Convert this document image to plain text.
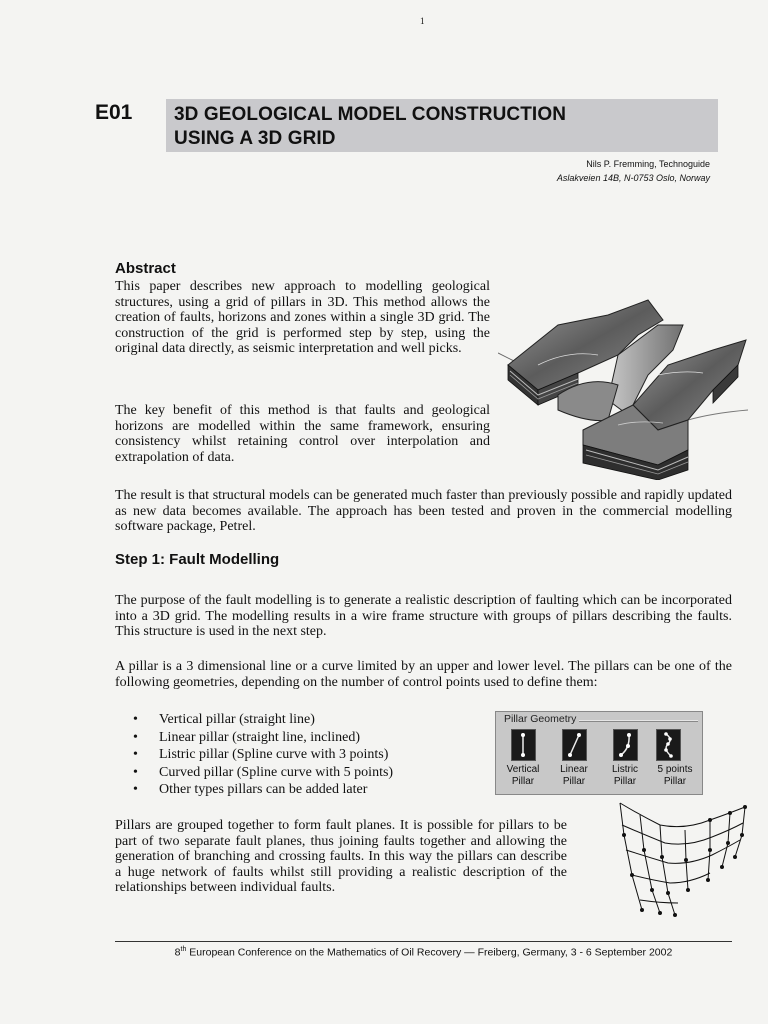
1
E01 3D GEOLOGICAL MODEL CONSTRUCTION
USING A 3D GRID
Nils P. Fremming, Technoguide
Aslakveien 14B, N-0753 Oslo, Norway
Abstract
This paper describes new approach to modelling geological structures, using a grid of pillars in 3D. This method allows the creation of faults, horizons and zones within a single 3D grid. The construction of the grid is performed step by step, using the original data directly, as seismic interpretation and well picks.
The key benefit of this method is that faults and geological horizons are modelled within the same framework, ensuring consistency whilst retaining control over interpolation and extrapolation of data.
The result is that structural models can be generated much faster than previously possible and rapidly updated as new data becomes available. The approach has been tested and proven in the commercial modelling software package, Petrel.
Step 1: Fault Modelling
The purpose of the fault modelling is to generate a realistic description of faulting which can be incorporated into a 3D grid. The modelling results in a wire frame structure with groups of pillars describing the faults. This structure is used in the next step.
A pillar is a 3 dimensional line or a curve limited by an upper and lower level. The pillars can be one of the following geometries, depending on the number of control points used to define them:
• Vertical pillar (straight line)
• Linear pillar (straight line, inclined)
• Listric pillar (Spline curve with 3 points)
• Curved pillar (Spline curve with 5 points)
• Other types pillars can be added later
Pillar Geometry
Vertical
Pillar
Linear
Pillar
Listric
Pillar
5 points
Pillar
Pillars are grouped together to form fault planes. It is possible for pillars to be part of two separate fault planes, thus joining faults together and allowing the generation of branching and crossing faults. In this way the pillars can describe a huge network of faults whilst still providing a realistic description of the relationships between individual faults.
8th European Conference on the Mathematics of Oil Recovery — Freiberg, Germany, 3 - 6 September 2002
